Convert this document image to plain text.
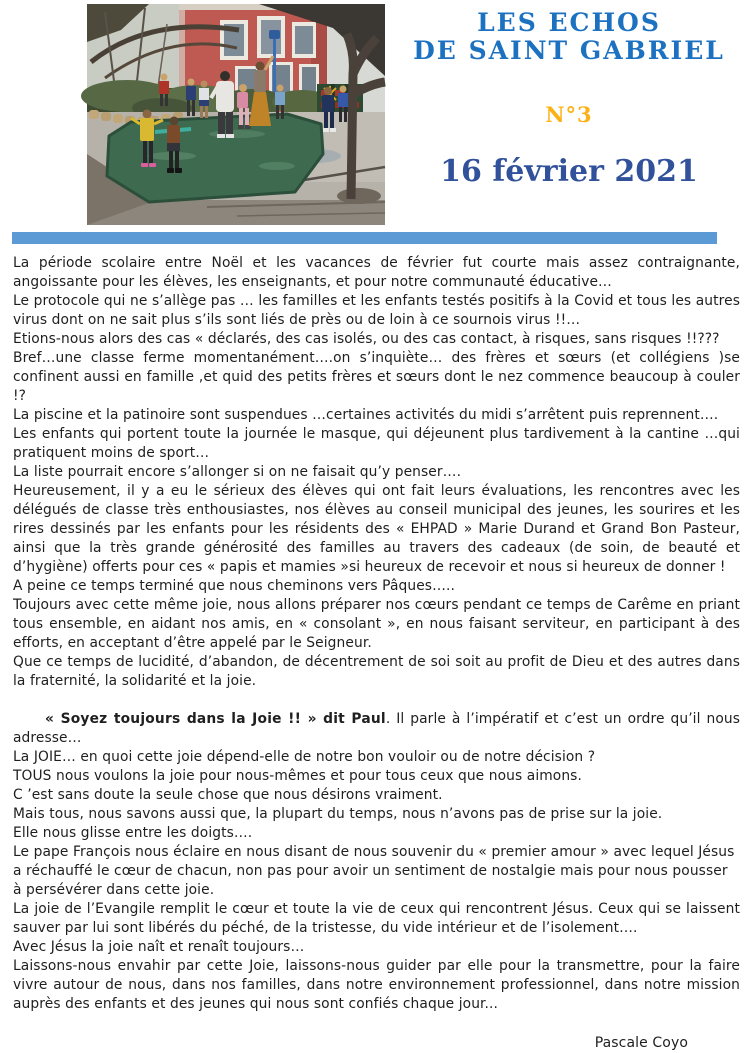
LES ECHOS
DE SAINT GABRIEL
N°3
16 février 2021

La période scolaire entre Noël et les vacances de février fut courte mais assez contraignante, angoissante pour les élèves, les enseignants, et pour notre communauté éducative…

Le protocole qui ne s’allège pas … les familles et les enfants testés positifs à la Covid et tous les autres virus dont on ne sait plus s’ils sont liés de près ou de loin à ce sournois virus !!…

Etions-nous alors des cas « déclarés, des cas isolés, ou des cas contact, à risques, sans risques !!???

Bref…une classe ferme momentanément….on s’inquiète… des frères et sœurs (et collégiens )se confinent aussi en famille ,et quid des petits frères et sœurs dont le nez commence beaucoup à couler !?

La piscine et la patinoire sont suspendues …certaines activités du midi s’arrêtent puis reprennent….

Les enfants qui portent toute la journée le masque, qui déjeunent plus tardivement à la cantine …qui pratiquent moins de sport…

La liste pourrait encore s’allonger si on ne faisait qu’y penser….

Heureusement, il y a eu le sérieux des élèves qui ont fait leurs évaluations, les rencontres avec les délégués de classe très enthousiastes, nos élèves au conseil municipal des jeunes, les sourires et les rires dessinés par les enfants pour les résidents des « EHPAD » Marie Durand et Grand Bon Pasteur, ainsi que la très grande générosité des familles au travers des cadeaux (de soin, de beauté et d’hygiène) offerts pour ces « papis et mamies »si heureux de recevoir et nous si heureux de donner !

A peine ce temps terminé que nous cheminons vers Pâques…..

Toujours avec cette même joie, nous allons préparer nos cœurs pendant ce temps de Carême en priant tous ensemble, en aidant nos amis, en « consolant », en nous faisant serviteur, en participant à des efforts, en acceptant d’être appelé par le Seigneur.

Que ce temps de lucidité, d’abandon, de décentrement de soi soit au profit de Dieu et des autres dans la fraternité, la solidarité et la joie.

« Soyez toujours dans la Joie !! » dit Paul. Il parle à l’impératif et c’est un ordre qu’il nous adresse…

La JOIE… en quoi cette joie dépend-elle de notre bon vouloir ou de notre décision ?

TOUS nous voulons la joie pour nous-mêmes et pour tous ceux que nous aimons.

C ’est sans doute la seule chose que nous désirons vraiment.

Mais tous, nous savons aussi que, la plupart du temps, nous n’avons pas de prise sur la joie.

Elle nous glisse entre les doigts….

Le pape François nous éclaire en nous disant de nous souvenir du « premier amour » avec lequel Jésus a réchauffé le cœur de chacun, non pas pour avoir un sentiment de nostalgie mais pour nous pousser à persévérer dans cette joie.

La joie de l’Evangile remplit le cœur et toute la vie de ceux qui rencontrent Jésus. Ceux qui se laissent sauver par lui sont libérés du péché, de la tristesse, du vide intérieur et de l’isolement….

Avec Jésus la joie naît et renaît toujours…

Laissons-nous envahir par cette Joie, laissons-nous guider par elle pour la transmettre, pour la faire vivre autour de nous, dans nos familles, dans notre environnement professionnel, dans notre mission auprès des enfants et des jeunes qui nous sont confiés chaque jour...

Pascale Coyo
